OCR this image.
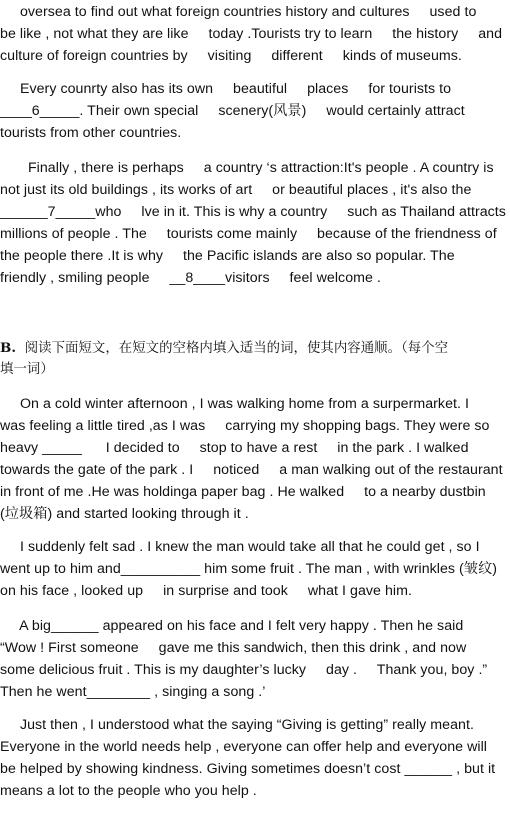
oversea to find out what foreign countries history and cultures     used to
be like , not what they are like     today .Tourists try to learn     the history     and
culture of foreign countries by     visiting     different     kinds of museums.
Every counrty also has its own     beautiful     places     for tourists to
____6_____. Their own special     scenery(风景)     would certainly attract
tourists from other countries.
Finally , there is perhaps     a country ‘s attraction:It's people . A country is
not just its old buildings , its works of art     or beautiful places , it's also the
______7_____who     lve in it. This is why a country     such as Thailand attracts
millions of people . The     tourists come mainly     because of the friendness of
the people there .It is why     the Pacific islands are also so popular. The
friendly , smiling people     __8____visitors     feel welcome .
B.  阅读下面短文，在短文的空格内填入适当的词，使其内容通顺。（每个空
填一词）
On a cold winter afternoon , I was walking home from a surpermarket. I
was feeling a little tired ,as I was     carrying my shopping bags. They were so
heavy _____      I decided to     stop to have a rest     in the park . I walked
towards the gate of the park . I     noticed     a man walking out of the restaurant
in front of me .He was holdinga paper bag . He walked     to a nearby dustbin
(垃圾箱) and started looking through it .
I suddenly felt sad . I knew the man would take all that he could get , so I
went up to him and__________ him some fruit . The man , with wrinkles (皱纹)
on his face , looked up     in surprise and took     what I gave him.
A big______ appeared on his face and I felt very happy . Then he said
“Wow ! First someone     gave me this sandwich, then this drink , and now
some delicious fruit . This is my daughter’s lucky     day .     Thank you, boy .”
Then he went________ , singing a song .’
Just then , I understood what the saying “Giving is getting” really meant.
Everyone in the world needs help , everyone can offer help and everyone will
be helped by showing kindness. Giving sometimes doesn’t cost ______ , but it
means a lot to the people who you help .
